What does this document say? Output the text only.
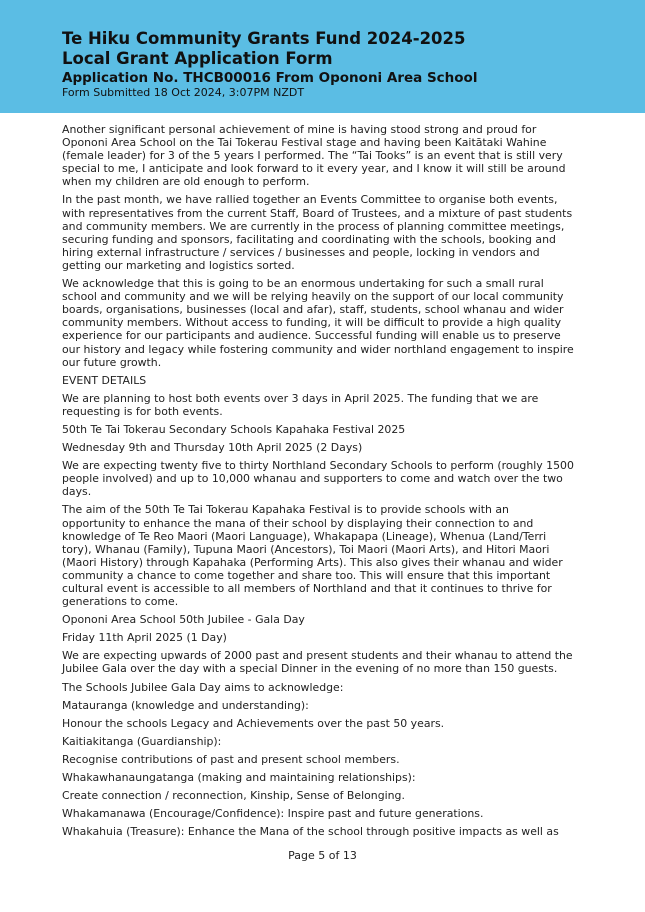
Te Hiku Community Grants Fund 2024-2025
Local Grant Application Form
Application No. THCB00016 From Opononi Area School
Form Submitted 18 Oct 2024, 3:07PM NZDT

Another significant personal achievement of mine is having stood strong and proud for Opononi Area School on the Tai Tokerau Festival stage and having been Kaitātaki Wahine (female leader) for 3 of the 5 years I performed. The “Tai Tooks” is an event that is still very special to me, I anticipate and look forward to it every year, and I know it will still be around when my children are old enough to perform.

In the past month, we have rallied together an Events Committee to organise both events, with representatives from the current Staff, Board of Trustees, and a mixture of past students and community members. We are currently in the process of planning committee meetings, securing funding and sponsors, facilitating and coordinating with the schools, booking and hiring external infrastructure / services / businesses and people, locking in vendors and getting our marketing and logistics sorted.

We acknowledge that this is going to be an enormous undertaking for such a small rural school and community and we will be relying heavily on the support of our local community boards, organisations, businesses (local and afar), staff, students, school whanau and wider community members. Without access to funding, it will be difficult to provide a high quality experience for our participants and audience. Successful funding will enable us to preserve our history and legacy while fostering community and wider northland engagement to inspire our future growth.

EVENT DETAILS

We are planning to host both events over 3 days in April 2025. The funding that we are requesting is for both events.

50th Te Tai Tokerau Secondary Schools Kapahaka Festival 2025

Wednesday 9th and Thursday 10th April 2025 (2 Days)

We are expecting twenty five to thirty Northland Secondary Schools to perform (roughly 1500 people involved) and up to 10,000 whanau and supporters to come and watch over the two days.

The aim of the 50th Te Tai Tokerau Kapahaka Festival is to provide schools with an opportunity to enhance the mana of their school by displaying their connection to and knowledge of Te Reo Maori (Maori Language), Whakapapa (Lineage), Whenua (Land/Terri tory), Whanau (Family), Tupuna Maori (Ancestors), Toi Maori (Maori Arts), and Hitori Maori (Maori History) through Kapahaka (Performing Arts). This also gives their whanau and wider community a chance to come together and share too. This will ensure that this important cultural event is accessible to all members of Northland and that it continues to thrive for generations to come.

Opononi Area School 50th Jubilee - Gala Day

Friday 11th April 2025 (1 Day)

We are expecting upwards of 2000 past and present students and their whanau to attend the Jubilee Gala over the day with a special Dinner in the evening of no more than 150 guests.

The Schools Jubilee Gala Day aims to acknowledge:

Matauranga (knowledge and understanding):

Honour the schools Legacy and Achievements over the past 50 years.

Kaitiakitanga (Guardianship):

Recognise contributions of past and present school members.

Whakawhanaungatanga (making and maintaining relationships):

Create connection / reconnection, Kinship, Sense of Belonging.

Whakamanawa (Encourage/Confidence): Inspire past and future generations.

Whakahuia (Treasure): Enhance the Mana of the school through positive impacts as well as

Page 5 of 13
